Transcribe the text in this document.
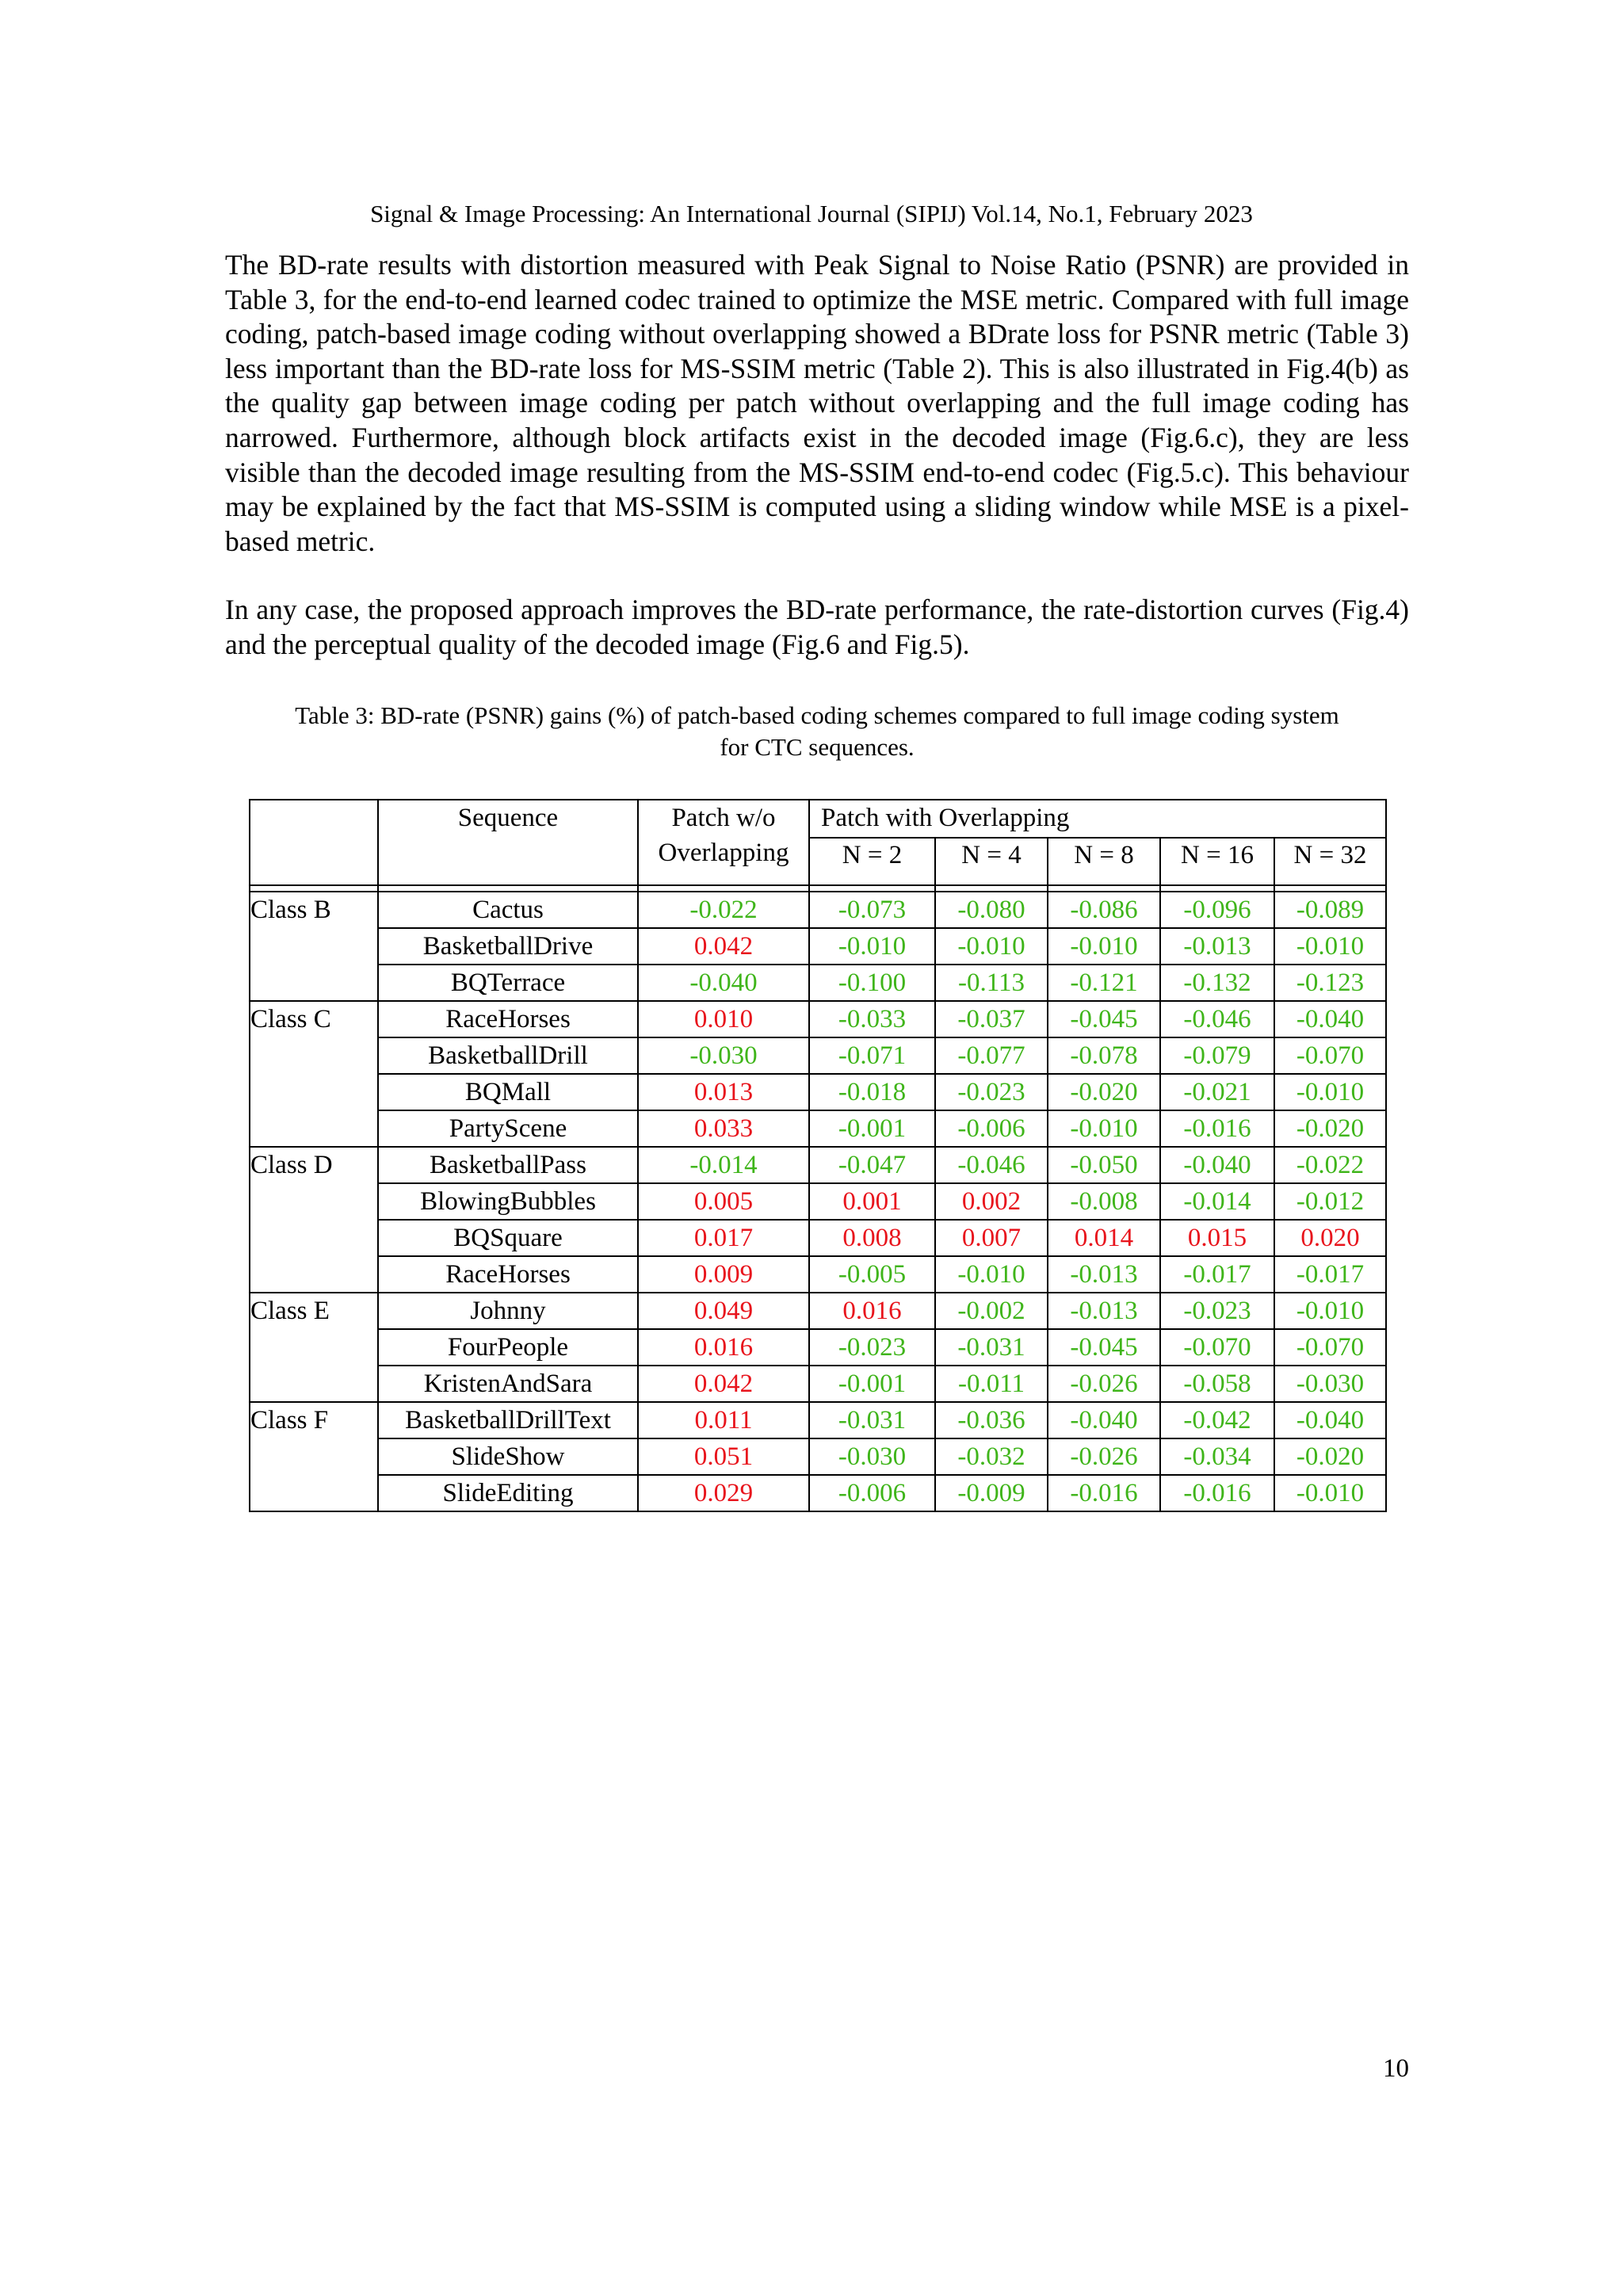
Signal & Image Processing: An International Journal (SIPIJ) Vol.14, No.1, February 2023
The BD-rate results with distortion measured with Peak Signal to Noise Ratio (PSNR) are provided in Table 3, for the end-to-end learned codec trained to optimize the MSE metric. Compared with full image coding, patch-based image coding without overlapping showed a BDrate loss for PSNR metric (Table 3) less important than the BD-rate loss for MS-SSIM metric (Table 2). This is also illustrated in Fig.4(b) as the quality gap between image coding per patch without overlapping and the full image coding has narrowed. Furthermore, although block artifacts exist in the decoded image (Fig.6.c), they are less visible than the decoded image resulting from the MS-SSIM end-to-end codec (Fig.5.c). This behaviour may be explained by the fact that MS-SSIM is computed using a sliding window while MSE is a pixel-based metric.
In any case, the proposed approach improves the BD-rate performance, the rate-distortion curves (Fig.4) and the perceptual quality of the decoded image (Fig.6 and Fig.5).
Table 3: BD-rate (PSNR) gains (%) of patch-based coding schemes compared to full image coding system
for CTC sequences.
	Sequence	Patch w/o Overlapping	Patch with Overlapping				
			N = 2	N = 4	N = 8	N = 16	N = 32

Class B	Cactus	-0.022	-0.073	-0.080	-0.086	-0.096	-0.089
	BasketballDrive	0.042	-0.010	-0.010	-0.010	-0.013	-0.010
	BQTerrace	-0.040	-0.100	-0.113	-0.121	-0.132	-0.123
Class C	RaceHorses	0.010	-0.033	-0.037	-0.045	-0.046	-0.040
	BasketballDrill	-0.030	-0.071	-0.077	-0.078	-0.079	-0.070
	BQMall	0.013	-0.018	-0.023	-0.020	-0.021	-0.010
	PartyScene	0.033	-0.001	-0.006	-0.010	-0.016	-0.020
Class D	BasketballPass	-0.014	-0.047	-0.046	-0.050	-0.040	-0.022
	BlowingBubbles	0.005	0.001	0.002	-0.008	-0.014	-0.012
	BQSquare	0.017	0.008	0.007	0.014	0.015	0.020
	RaceHorses	0.009	-0.005	-0.010	-0.013	-0.017	-0.017
Class E	Johnny	0.049	0.016	-0.002	-0.013	-0.023	-0.010
	FourPeople	0.016	-0.023	-0.031	-0.045	-0.070	-0.070
	KristenAndSara	0.042	-0.001	-0.011	-0.026	-0.058	-0.030
Class F	BasketballDrillText	0.011	-0.031	-0.036	-0.040	-0.042	-0.040
	SlideShow	0.051	-0.030	-0.032	-0.026	-0.034	-0.020
	SlideEditing	0.029	-0.006	-0.009	-0.016	-0.016	-0.010
10
